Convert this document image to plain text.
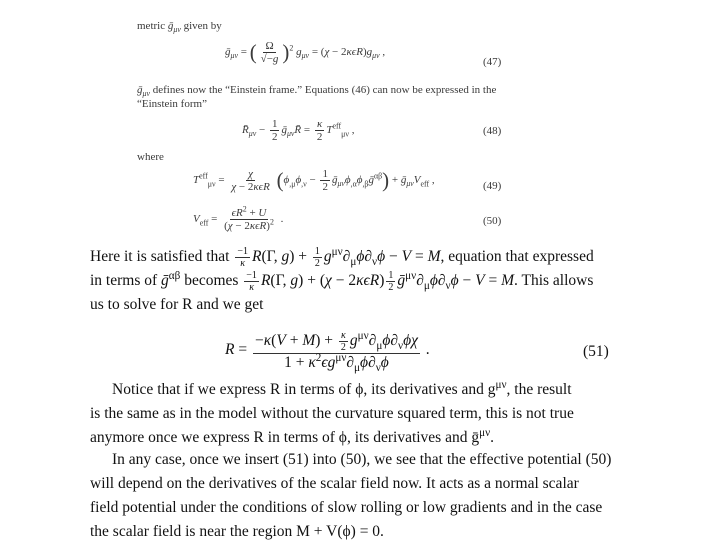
metric ḡ$_{\mu\nu}$ given by
ḡ$_{\mu\nu}$ = ( $\frac{\Omega}{√-g} )^2$ $g_{\mu\nu} = (\chi - 2\kappa\epsilon R)g_{\mu\nu}$ ,
(47)
ḡ$_{\mu\nu}$ defines now the “Einstein frame.” Equations (46) can now be expressed in the
“Einstein form”
$R̄_{\mu\nu} - \frac{1}{2}$ ḡ$_{\mu\nu}$R̄ = $\frac{\kappa}{2} T^{eff}_{\mu\nu}$ ,	(48)
where
$T^{eff}_{\mu\nu} = \frac{\chi}{\text{χ − 2κϵR}} (\phi_{,\mu}\phi_{,\nu} - \frac{1}{2}$ $ḡ_{\mu\nu}\phi_{,\alpha}\phi_{,\beta}ḡ^{\alpha\beta}$) + $ḡ_{\mu\nu}V_{eff}$ ,	(49)
$V_{eff} = \frac{\epsilon R^2 + U}{(\chi - 2\kappa\epsilon R)^2}$ .	(50)
Here it is satisfied that $\frac{-1}{\kappa} R(\Gamma$, $g) + \frac{1}{2} g^{\mu\nu}\partial_\mu\phi\partial_\nu\phi - V = M$, equation that expressed
in terms of ḡ$^{\alpha\beta}$ becomes $\frac{-1}{\kappa} R(\Gamma$, $g) + (\chi - 2\kappa\epsilon R) \frac{1}{2}$ $ḡ^{\mu\nu}\partial_\mu\phi\partial_\nu\phi - V = M$. This allows
us to solve for R and we get
$R = \frac{-\kappa(V + M) + \frac{\kappa}{2} g^{\mu\nu}\partial_\mu\phi\partial_\nu\phi\chi}{1 + \kappa^2\epsilon g^{\mu\nu}\partial_\mu\phi\partial_\nu\phi}$ .	(51)
Notice that if we express R in terms of ϕ, its derivatives and $g^{\mu\nu}$, the result
is the same as in the model without the curvature squared term, this is not true
anymore once we express R in terms of ϕ, its derivatives and ḡ$^{\mu\nu}$.
In any case, once we insert (51) into (50), we see that the effective potential (50)
will depend on the derivatives of the scalar field now. It acts as a normal scalar
field potential under the conditions of slow rolling or low gradients and in the case
the scalar field is near the region M + V(ϕ) = 0.
